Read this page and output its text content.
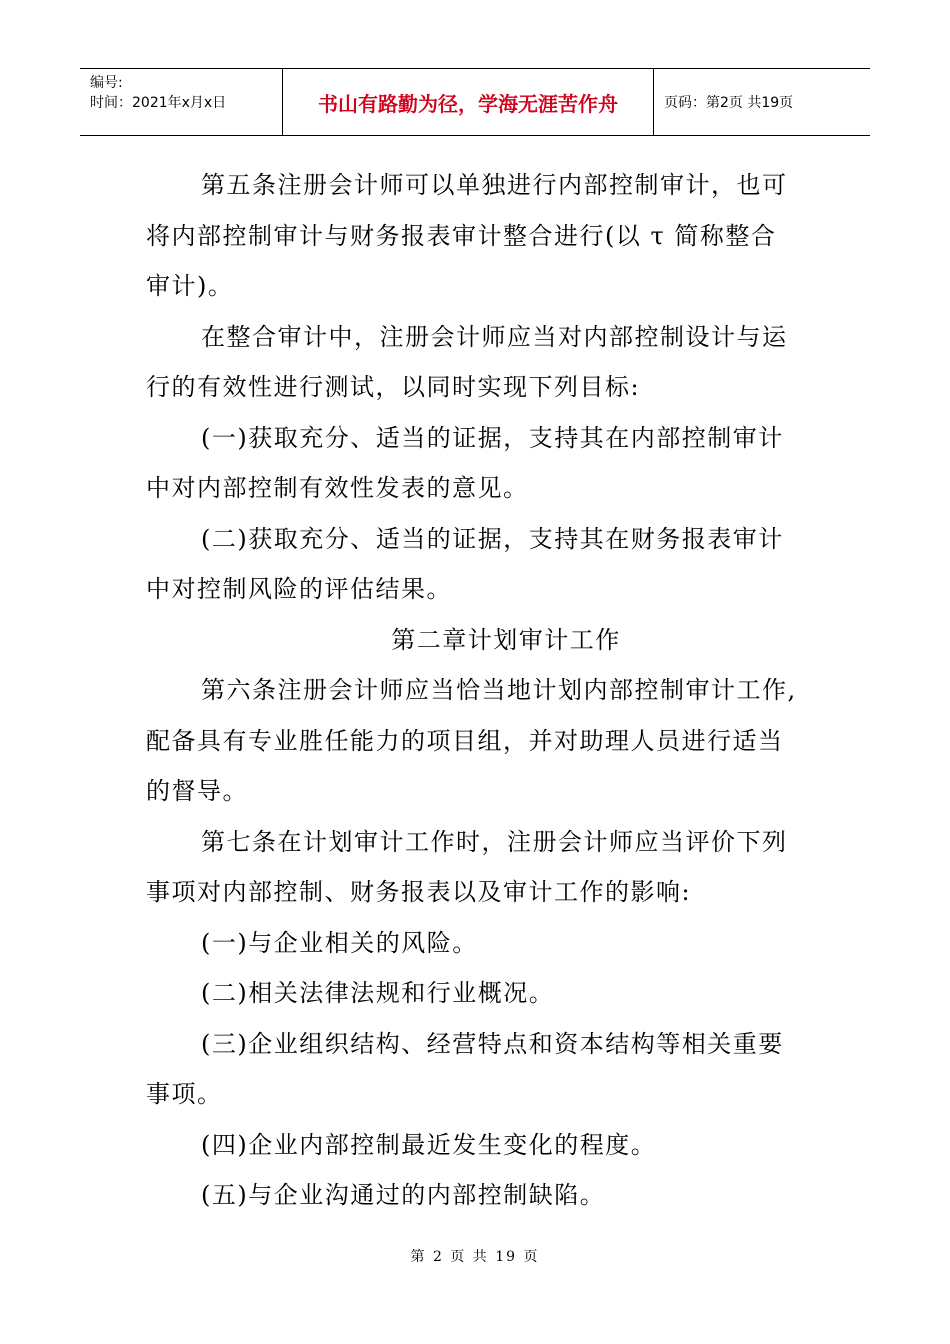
编号:
时间：2021年x月x日	书山有路勤为径，学海无涯苦作舟	页码：第2页 共19页
第五条注册会计师可以单独进行内部控制审计，也可
将内部控制审计与财务报表审计整合进行(以 τ 简称整合
审计)。
在整合审计中，注册会计师应当对内部控制设计与运
行的有效性进行测试，以同时实现下列目标:
(一)获取充分、适当的证据，支持其在内部控制审计
中对内部控制有效性发表的意见。
(二)获取充分、适当的证据，支持其在财务报表审计
中对控制风险的评估结果。
第二章计划审计工作
第六条注册会计师应当恰当地计划内部控制审计工作,
配备具有专业胜任能力的项目组，并对助理人员进行适当
的督导。
第七条在计划审计工作时，注册会计师应当评价下列
事项对内部控制、财务报表以及审计工作的影响:
(一)与企业相关的风险。
(二)相关法律法规和行业概况。
(三)企业组织结构、经营特点和资本结构等相关重要
事项。
(四)企业内部控制最近发生变化的程度。
(五)与企业沟通过的内部控制缺陷。
第 2 页 共 19 页
